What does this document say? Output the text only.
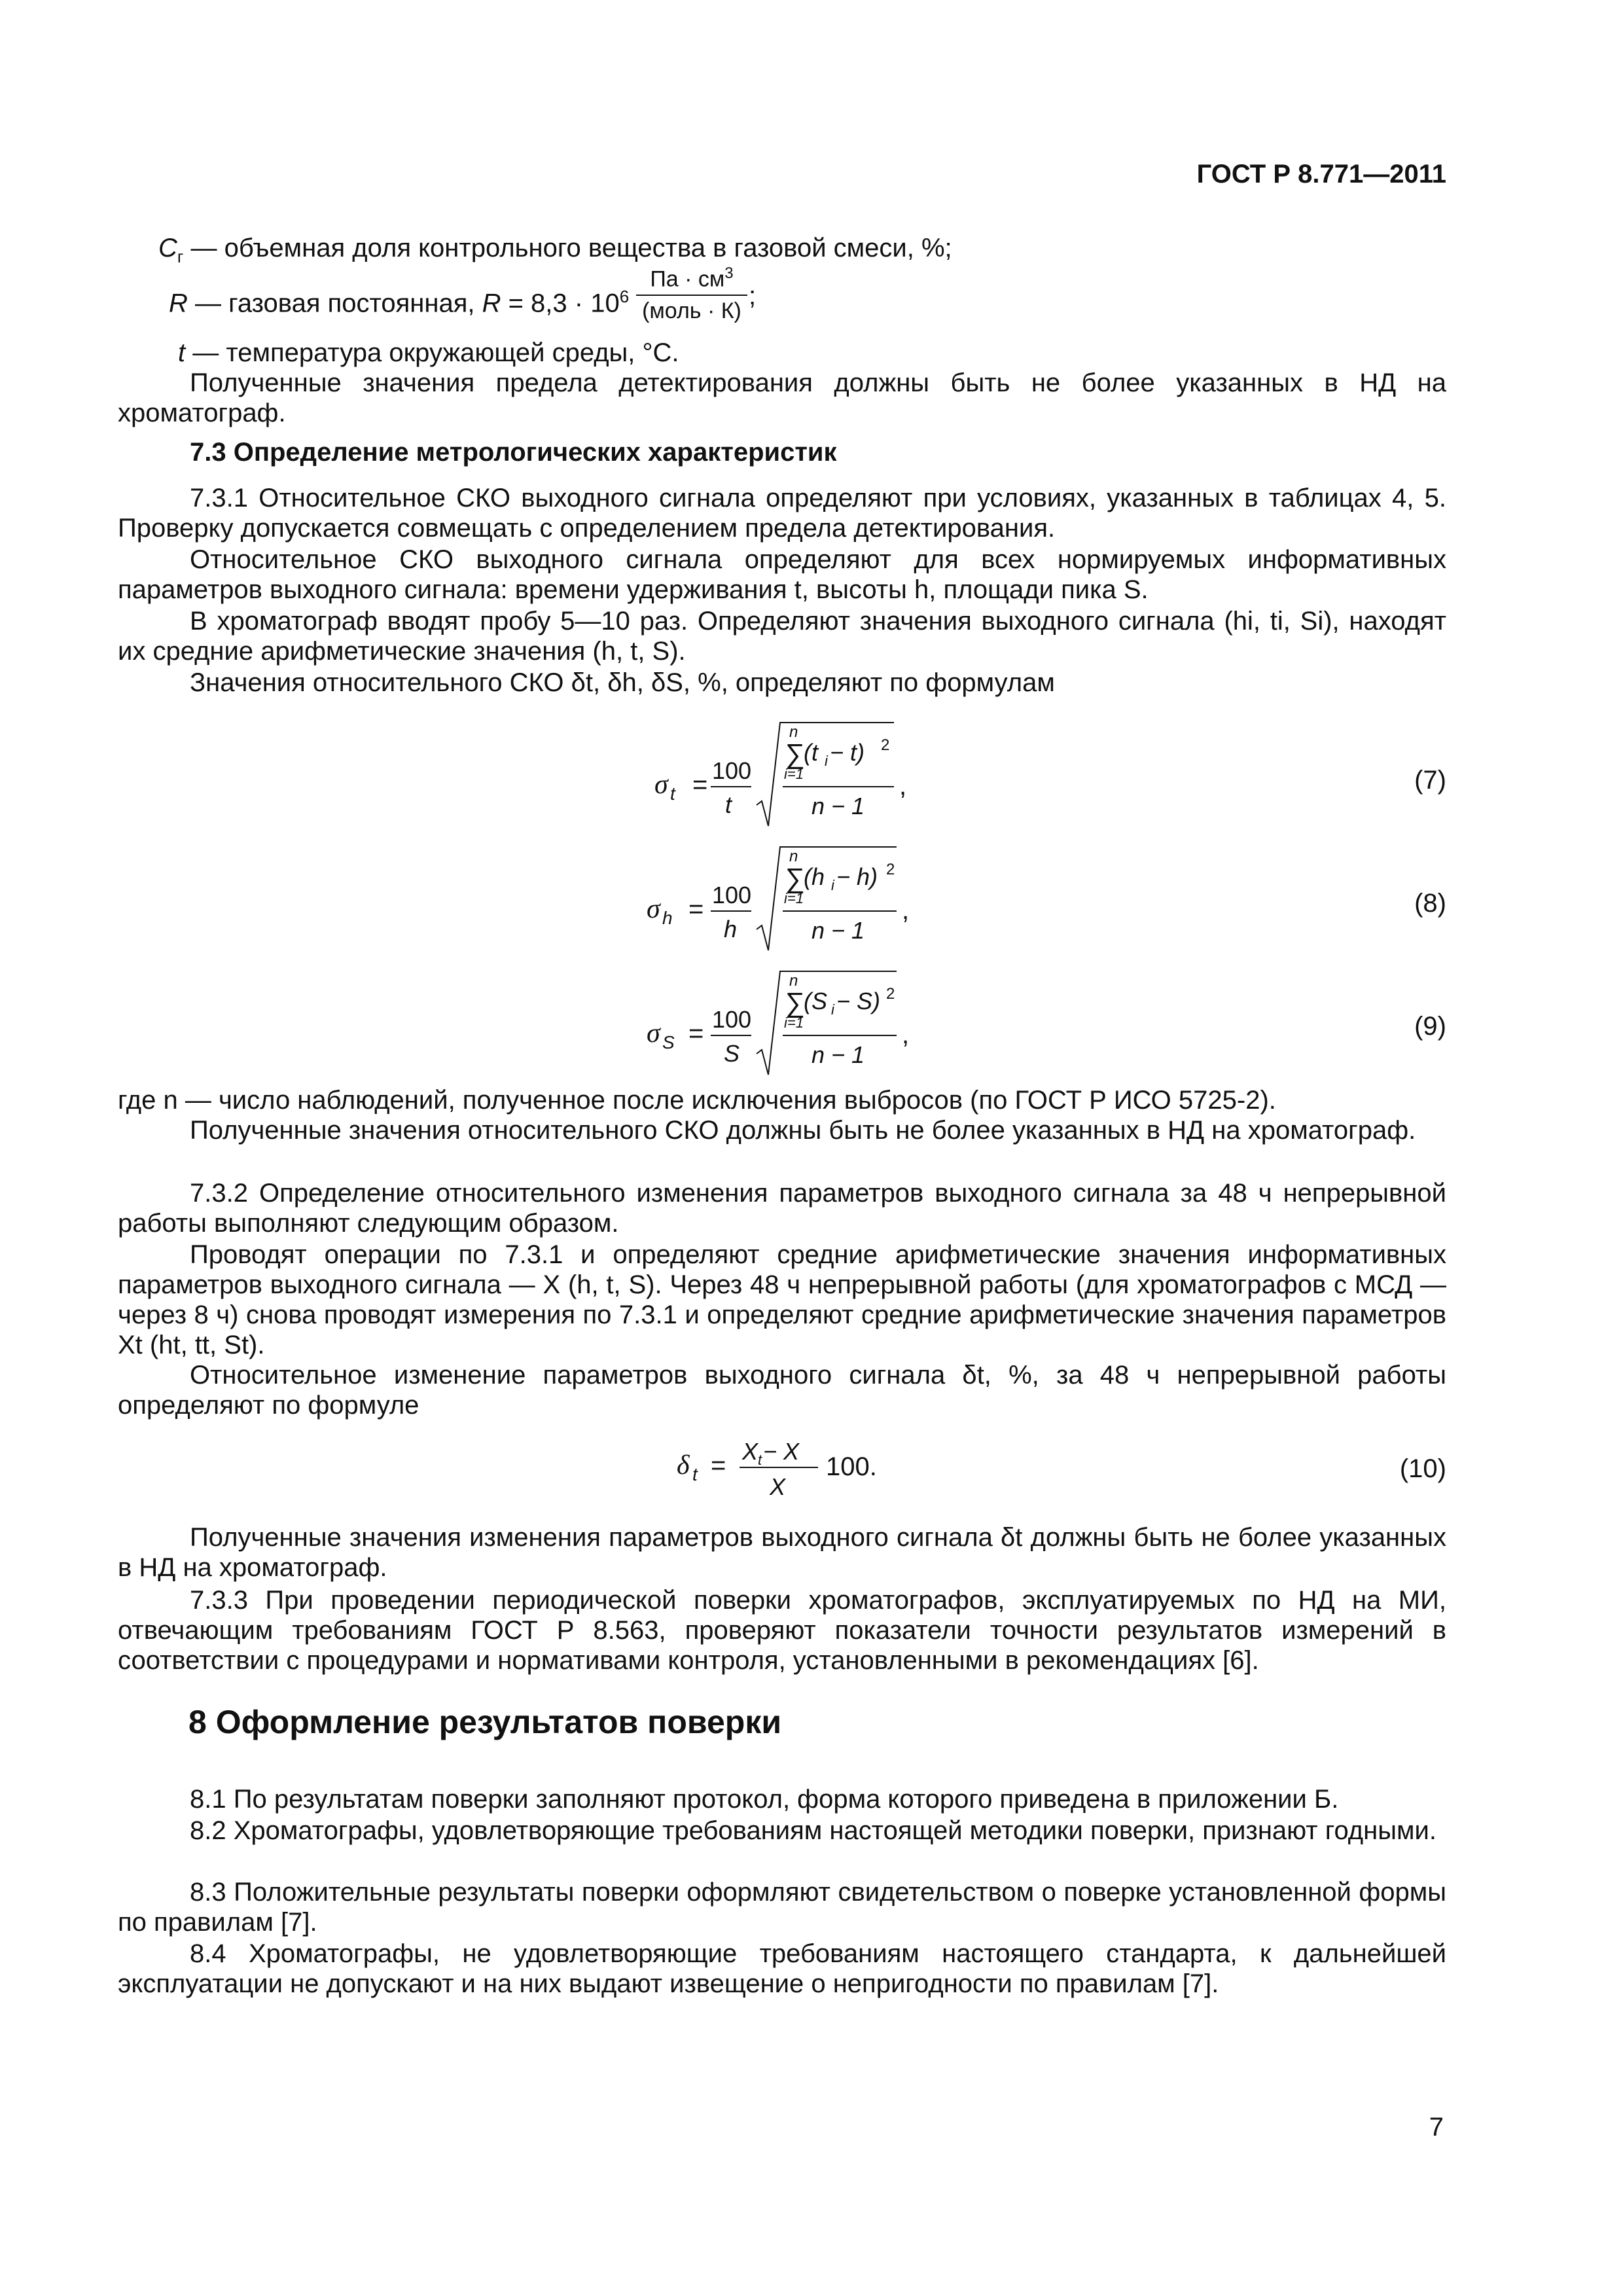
ГОСТ Р 8.771—2011
$C_г$ — объемная доля контрольного вещества в газовой смеси, %;
R — газовая постоянная, $R = 8,3 \cdot 10^6$
Па · $см^3$
(моль · К)
;
t — температура окружающей среды, °С.
Полученные значения предела детектирования должны быть не более указанных в НД на хроматограф.
7.3 Определение метрологических характеристик
7.3.1 Относительное СКО выходного сигнала определяют при условиях, указанных в таблицах 4, 5. Проверку допускается совмещать с определением предела детектирования.
Относительное СКО выходного сигнала определяют для всех нормируемых информативных параметров выходного сигнала: времени удерживания t, высоты h, площади пика S.
В хроматограф вводят пробу 5—10 раз. Определяют значения выходного сигнала (hi, ti, Si), находят их средние арифметические значения (h, t, S).
Значения относительного СКО δt, δh, δS, %, определяют по формулам
σ t = 100
t
n
∑
i=1
(t i − t) 2
n − 1
,	(7)
σ h = 100
h
n
∑
i=1
(h i − h) 2
n − 1
,	(8)
σ S = 100
S
n
∑
i=1
(S i − S) 2
n − 1
,	(9)
где n — число наблюдений, полученное после исключения выбросов (по ГОСТ Р ИСО 5725-2).
Полученные значения относительного СКО должны быть не более указанных в НД на хроматограф.
7.3.2 Определение относительного изменения параметров выходного сигнала за 48 ч непрерывной работы выполняют следующим образом.
Проводят операции по 7.3.1 и определяют средние арифметические значения информативных параметров выходного сигнала — X (h, t, S). Через 48 ч непрерывной работы (для хроматографов с МСД — через 8 ч) снова проводят измерения по 7.3.1 и определяют средние арифметические значения параметров Xt (ht, tt, St).
Относительное изменение параметров выходного сигнала δt, %, за 48 ч непрерывной работы определяют по формуле
δ t = X t − X
X
100.	(10)
Полученные значения изменения параметров выходного сигнала δt должны быть не более указанных в НД на хроматограф.
7.3.3 При проведении периодической поверки хроматографов, эксплуатируемых по НД на МИ, отвечающим требованиям ГОСТ Р 8.563, проверяют показатели точности результатов измерений в соответствии с процедурами и нормативами контроля, установленными в рекомендациях [6].
8 Оформление результатов поверки
8.1 По результатам поверки заполняют протокол, форма которого приведена в приложении Б.
8.2 Хроматографы, удовлетворяющие требованиям настоящей методики поверки, признают годными.
8.3 Положительные результаты поверки оформляют свидетельством о поверке установленной формы по правилам [7].
8.4 Хроматографы, не удовлетворяющие требованиям настоящего стандарта, к дальнейшей эксплуатации не допускают и на них выдают извещение о непригодности по правилам [7].
7
